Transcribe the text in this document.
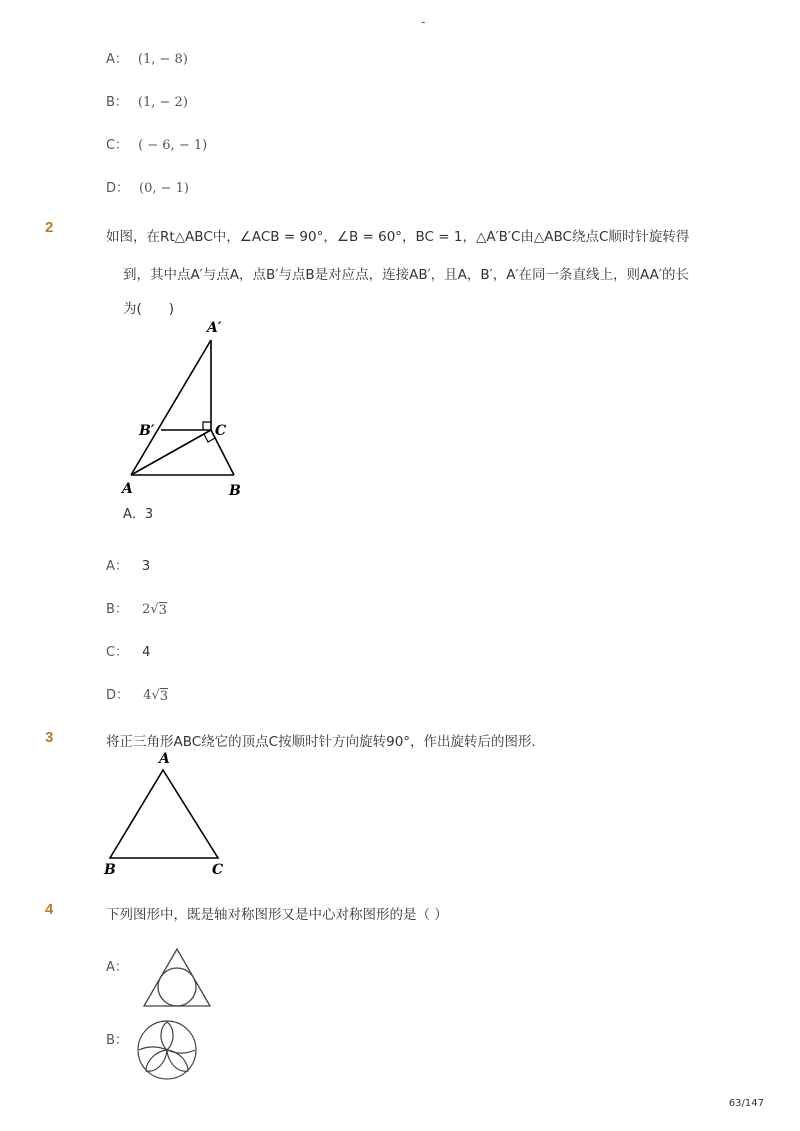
-
A： (1, − 8)
B： (1, − 2)
C： ( − 6, − 1)
D： (0, − 1)
2
如图，在Rt△ABC中，∠ACB = 90°，∠B = 60°，BC = 1，△A′B′C由△ABC绕点C顺时针旋转得
到，其中点A′与点A，点B′与点B是对应点，连接AB′，且A，B′，A′在同一条直线上，则AA′的长
为(　　)
A′
B′	C
A	B
A．3
A： 3
B： 2√3
C： 4
D： 4√3
3	将正三角形ABC绕它的顶点C按顺时针方向旋转90°，作出旋转后的图形．
A
B	C
4	下列图形中，既是轴对称图形又是中心对称图形的是（ ）
A：
B：
63/147
